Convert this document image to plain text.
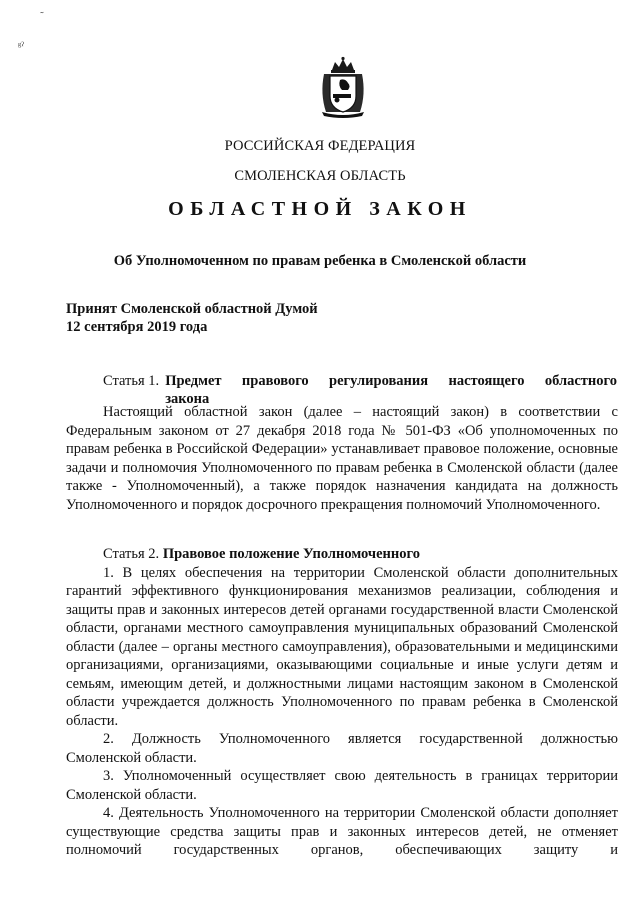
˜
ᵍˀ
РОССИЙСКАЯ ФЕДЕРАЦИЯ
СМОЛЕНСКАЯ ОБЛАСТЬ
ОБЛАСТНОЙ ЗАКОН
Об Уполномоченном по правам ребенка в Смоленской области
Принят Смоленской областной Думой
12 сентября 2019 года
Статья 1. Предмет правового регулирования настоящего областного закона

Настоящий областной закон (далее – настоящий закон) в соответствии с Федеральным законом от 27 декабря 2018 года № 501-ФЗ «Об уполномоченных по правам ребенка в Российской Федерации» устанавливает правовое положение, основные задачи и полномочия Уполномоченного по правам ребенка в Смоленской области (далее также - Уполномоченный), а также порядок назначения кандидата на должность Уполномоченного и порядок досрочного прекращения полномочий Уполномоченного.

Статья 2. Правовое положение Уполномоченного

1. В целях обеспечения на территории Смоленской области дополнительных гарантий эффективного функционирования механизмов реализации, соблюдения и защиты прав и законных интересов детей органами государственной власти Смоленской области, органами местного самоуправления муниципальных образований Смоленской области (далее – органы местного самоуправления), образовательными и медицинскими организациями, организациями, оказывающими социальные и иные услуги детям и семьям, имеющим детей, и должностными лицами настоящим законом в Смоленской области учреждается должность Уполномоченного по правам ребенка в Смоленской области.

2. Должность Уполномоченного является государственной должностью Смоленской области.

3. Уполномоченный осуществляет свою деятельность в границах территории Смоленской области.

4. Деятельность Уполномоченного на территории Смоленской области дополняет существующие средства защиты прав и законных интересов детей, не отменяет полномочий государственных органов, обеспечивающих защиту и
